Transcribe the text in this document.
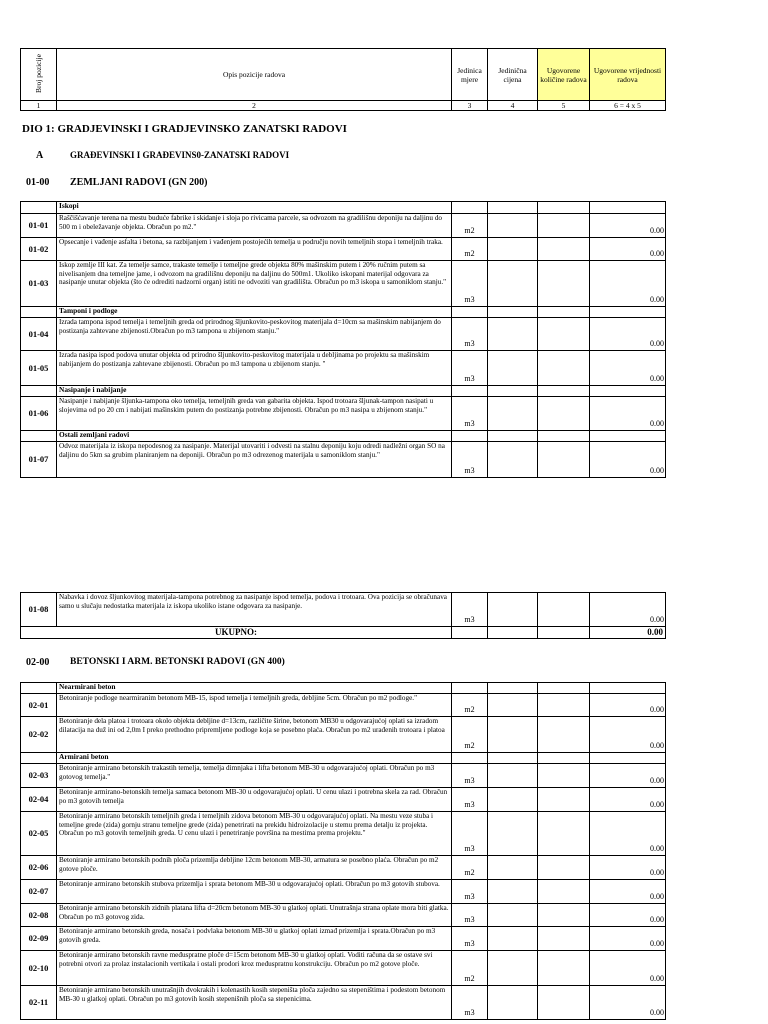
Broj pozicije	Opis pozicije radova	Jedinica mjere	Jedinična cijena	Ugovorene količine radova	Ugovorene vrijednosti radova
1	2	3	4	5	6 = 4 x 5
DIO 1: GRADJEVINSKI I GRADJEVINSKO ZANATSKI RADOVI
A	GRAĐEVINSKI I GRAĐEVINS0-ZANATSKI RADOVI
01-00 ZEMLJANI RADOVI (GN 200)
	Iskopi				
01-01	Raščišćavanje terena na mestu buduće fabrike i skidanje i sloja po rivicama parcele, sa odvozom na gradilišnu deponiju na daljinu do 500 m i obeležavanje objekta. Obračun po m2."	m2			0.00
01-02	Opsecanje i vađenje asfalta i betona, sa razbijanjem i vađenjem postojećih temelja u području novih temeljnih stopa i temeljnih traka.	m2			0.00
01-03	Iskop zemlje III kat. Za temelje samce, trakaste temelje i temeljne grede objekta 80% mašinskim putem i 20% ručnim putem sa nivelisanjem dna temeljne jame, i odvozom na gradilišnu deponiju na daljinu do 500m1. Ukoliko iskopani materijal odgovara za nasipanje unutar objekta (što će odrediti nadzorni organ) istiti ne odvoziti van gradilišta. Obračun po m3 iskopa u samoniklom stanju."	m3			0.00
	Tamponi i podloge				
01-04	Izrada tampona ispod temelja i temeljnih greda od prirodnog šljunkovito-peskovitog materijala d=10cm sa mašinskim nabijanjem do postizanja zahtevane zbijenosti.Obračun po m3 tampona u zbijenom stanju."	m3			0.00
01-05	Izrada nasipa ispod podova unutar objekta od prirodno šljunkovito-peskovitog materijala u debljinama po projektu sa mašinskim nabijanjem do postizanja zahtevane zbijenosti. Obračun po m3 tampona u zbijenom stanju. "	m3			0.00
	Nasipanje i nabijanje				
01-06	Nasipanje i nabijanje šljunka-tampona oko temelja, temeljnih greda van gabarita objekta. Ispod trotoara šljunak-tampon nasipati u slojevima od po 20 cm i nabijati mašinskim putem do postizanja potrebne zbijenosti. Obračun po m3 nasipa u zbijenom stanju."	m3			0.00
	Ostali zemljani radovi				
01-07	Odvoz materijala iz iskopa nepodesnog za nasipanje. Materijal utovariti i odvesti na stalnu deponiju koju odredi nadležni organ SO na daljinu do 5km sa grubim planiranjem na deponiji. Obračun po m3 odrezenog materijala u samoniklom stanju."	m3			0.00
01-08	Nabavka i dovoz šljunkovitog materijala-tampona potrebnog za nasipanje ispod temelja, podova i trotoara. Ova pozicija se obračunava samo u slučaju nedostatka materijala iz iskopa ukoliko istane odgovara za nasipanje.	m3			0.00
UKUPNO:					0.00
02-00 BETONSKI I ARM. BETONSKI RADOVI (GN 400)
	Nearmirani beton				
02-01	Betoniranje podloge nearmiranim betonom MB-15, ispod temelja i temeljnih greda, debljine 5cm. Obračun po m2 podloge."	m2			0.00
02-02	Betoniranje dela platoa i trotoara okolo objekta debljine d=13cm, različite širine, betonom MB30 u odgovarajućoj oplati sa izradom dilatacija na duž ini od 2,0m I preko prethodno pripremljene podloge koja se posebno plaća. Obračun po m2 urađenih trotoara i platoa	m2			0.00
	Armirani beton				
02-03	Betoniranje armirano betonskih trakastih temelja, temelja dimnjaka i lifta betonom MB-30 u odgovarajućoj oplati. Obračun po m3 gotovog temelja."	m3			0.00
02-04	Betoniranje armirano-betonskih temelja samaca betonom MB-30 u odgovarajućoj oplati. U cenu ulazi i potrebna skela za rad. Obračun po m3 gotovih temelja	m3			0.00
02-05	Betoniranje armirano betonskih temeljnih greda i temeljnih zidova betonom MB-30 u odgovarajućoj oplati. Na mestu veze stuba i temeljne grede (zida) gornju stranu temeljne grede (zida) penetrirati na prekidu hidroizolacije u stemu prema detalju iz projekta. Obračun po m3 gotovih temeljnih greda. U cenu ulazi i penetriranje površina na mestima prema projektu."	m3			0.00
02-06	Betoniranje armirano betonskih podnih ploča prizemlja debljine 12cm betonom MB-30, armatura se posebno plaća. Obračun po m2 gotove ploče.	m2			0.00
02-07	Betoniranje armirano betonskih stubova prizemlja i sprata betonom MB-30 u odgovarajućoj oplati. Obračun po m3 gotovih stubova.	m3			0.00
02-08	Betoniranje armirano betonskih zidnih platana lifta d=20cm betonom MB-30 u glatkoj oplati. Unutrašnja strana oplate mora biti glatka. Obračun po m3 gotovog zida.	m3			0.00
02-09	Betoniranje armirano betonskih greda, nosača i podvlaka betonom MB-30 u glatkoj oplati izmađ prizemlja i sprata.Obračun po m3 gotovih greda.	m3			0.00
02-10	Betoniranje armirano betonskih ravne međuspratne ploče d=15cm betonom MB-30 u glatkoj oplati. Voditi računa da se ostave svi potrebni otvori za prolaz instalacionih vertikala i ostali prodori kroz međuspratnu konstrukciju. Obračun po m2 gotove ploče.	m2			0.00
02-11	Betoniranje armirano betonskih unutrašnjih dvokrakih i kolenastih kosih stepeništa ploča zajedno sa stepeništima i podestom betonom MB-30 u glatkoj oplati. Obračun po m3 gotovih kosih stepenišnih ploča sa stepenicima.	m3			0.00
